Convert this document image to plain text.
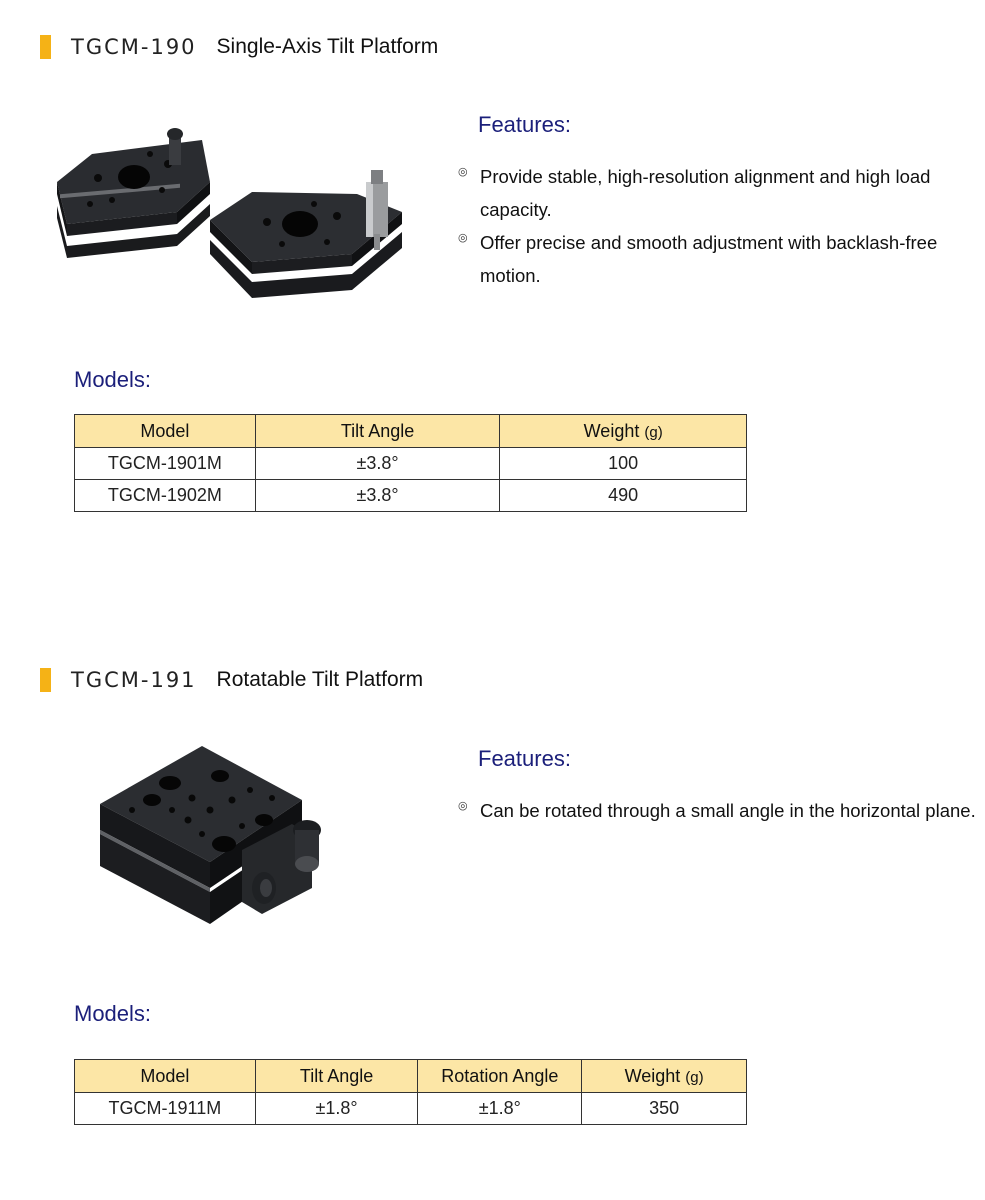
TGCM-190 Single-Axis Tilt Platform
Features:
◎ Provide stable, high-resolution alignment and high load capacity.
◎ Offer precise and smooth adjustment with backlash-free motion.
Models:
Model	Tilt Angle	Weight (g)
TGCM-1901M	±3.8°	100
TGCM-1902M	±3.8°	490
TGCM-191 Rotatable Tilt Platform
Features:
◎ Can be rotated through a small angle in the horizontal plane.
Models:
Model	Tilt Angle	Rotation Angle	Weight (g)
TGCM-1911M	±1.8°	±1.8°	350
